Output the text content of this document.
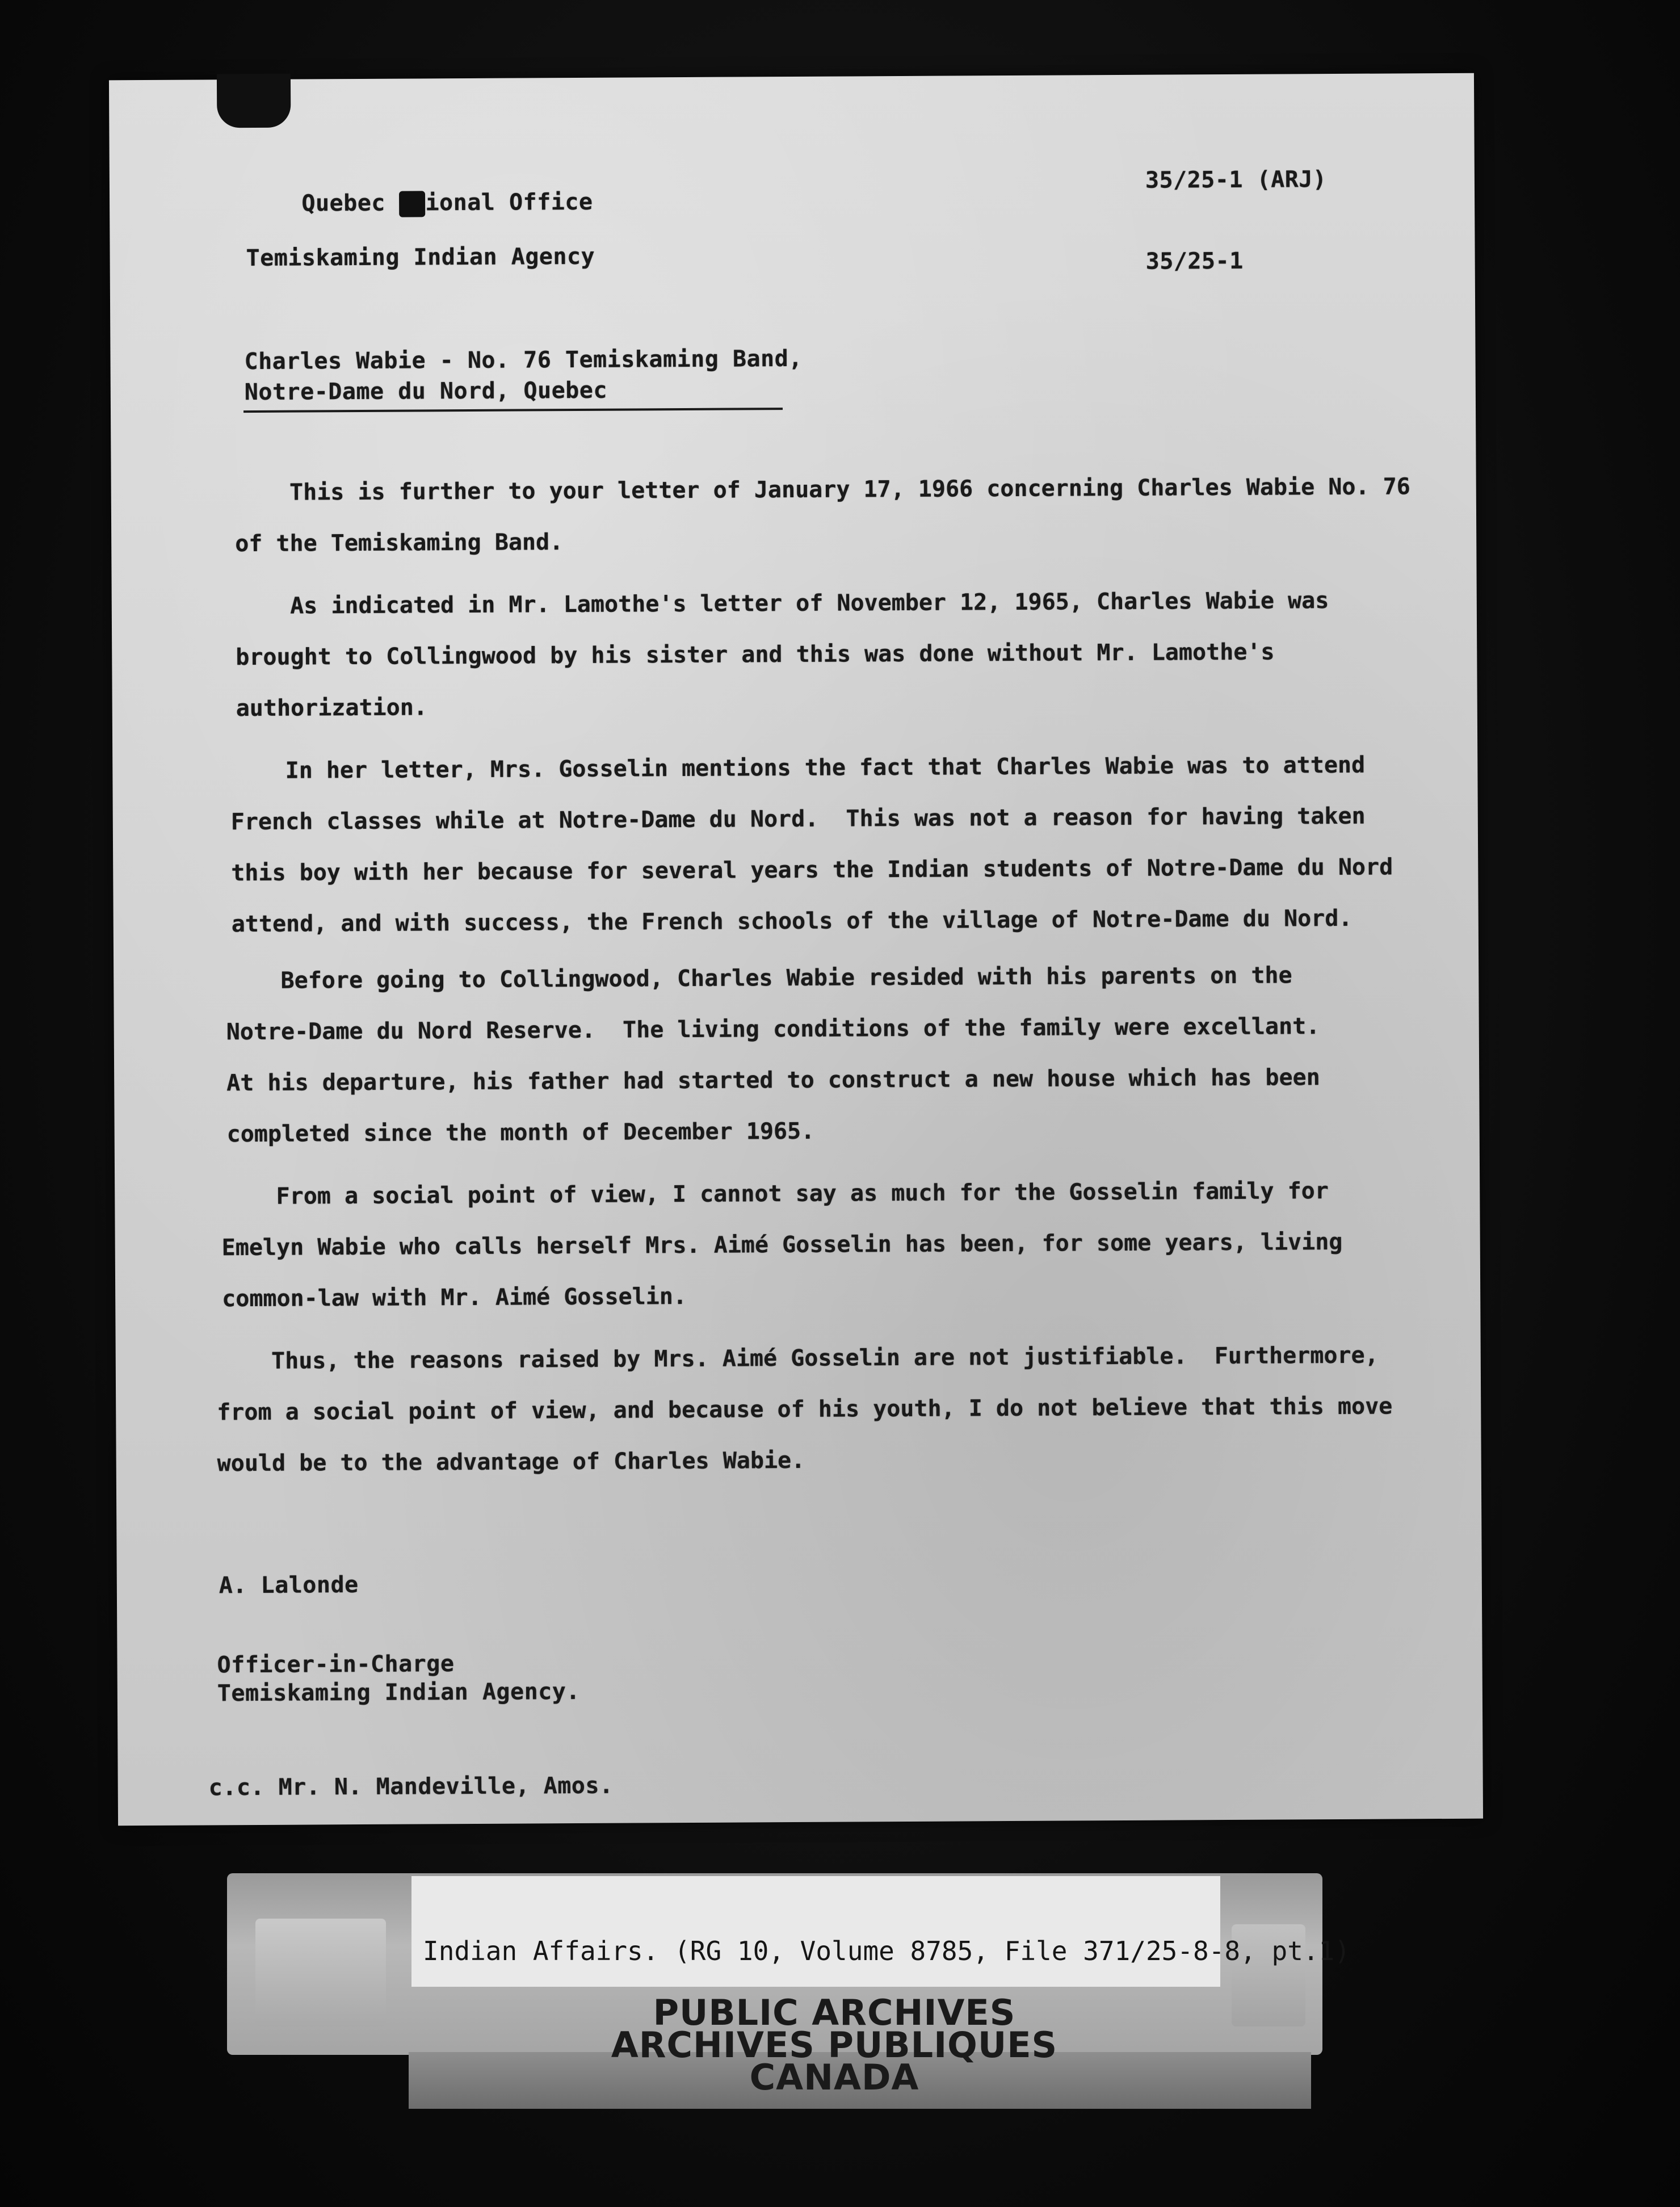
Quebec ional Office

35/25-1 (ARJ)
Temiskaming Indian Agency	35/25-1
Charles Wabie - No. 76 Temiskaming Band,
Notre-Dame du Nord, Quebec
This is further to your letter of January 17, 1966 concerning Charles Wabie No. 76
of the Temiskaming Band.
As indicated in Mr. Lamothe's letter of November 12, 1965, Charles Wabie was
brought to Collingwood by his sister and this was done without Mr. Lamothe's
authorization.
In her letter, Mrs. Gosselin mentions the fact that Charles Wabie was to attend
French classes while at Notre-Dame du Nord.  This was not a reason for having taken
this boy with her because for several years the Indian students of Notre-Dame du Nord
attend, and with success, the French schools of the village of Notre-Dame du Nord.
Before going to Collingwood, Charles Wabie resided with his parents on the
Notre-Dame du Nord Reserve.  The living conditions of the family were excellant.
At his departure, his father had started to construct a new house which has been
completed since the month of December 1965.
From a social point of view, I cannot say as much for the Gosselin family for
Emelyn Wabie who calls herself Mrs. Aimé Gosselin has been, for some years, living
common-law with Mr. Aimé Gosselin.
Thus, the reasons raised by Mrs. Aimé Gosselin are not justifiable.  Furthermore,
from a social point of view, and because of his youth, I do not believe that this move
would be to the advantage of Charles Wabie.
A. Lalonde
Officer-in-Charge
Temiskaming Indian Agency.
c.c. Mr. N. Mandeville, Amos.
Indian Affairs. (RG 10, Volume 8785, File 371/25-8-8, pt.1)
PUBLIC ARCHIVES
ARCHIVES PUBLIQUES
CANADA
